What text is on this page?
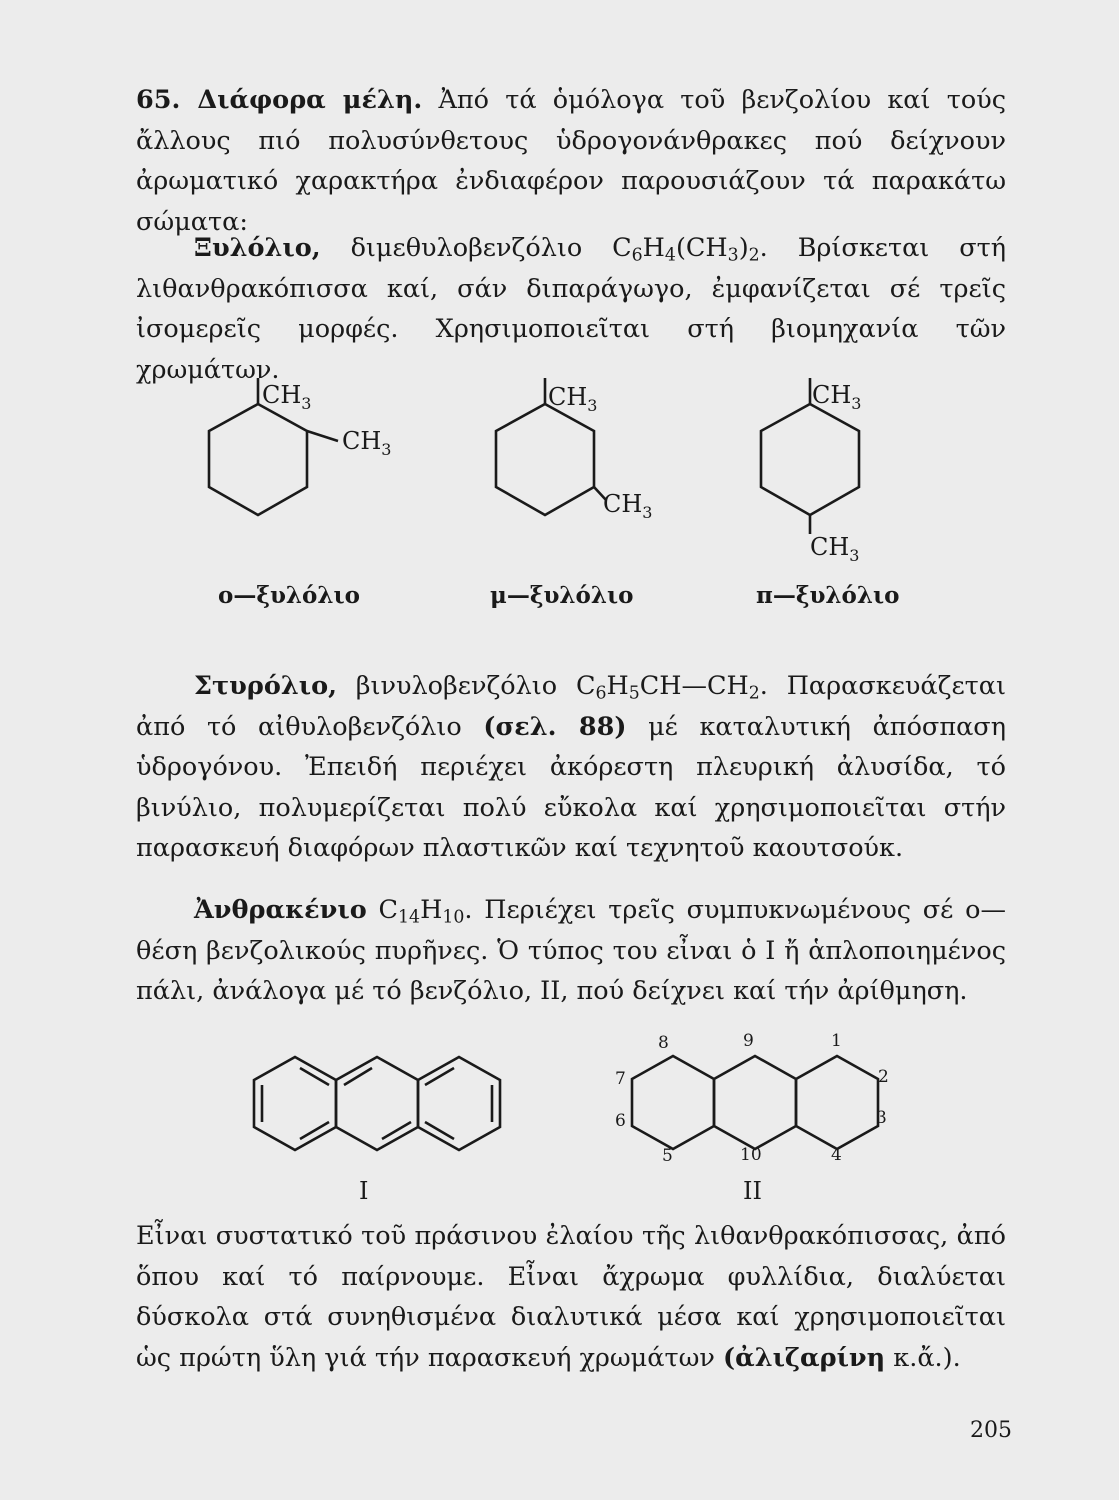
65. Διάφορα μέλη. Ἀπό τά ὁμόλογα τοῦ βενζολίου καί τούς ἄλλους πιό πολυσύνθετους ὑδρογονάνθρακες πού δείχνουν ἀρωματικό χαρακτήρα ἐνδιαφέρον παρουσιάζουν τά παρακάτω σώματα:
Ξυλόλιο, διμεθυλοβενζόλιο $C_6H_4(CH_3)_2$. Βρίσκεται στή λιθανθρακόπισσα καί, σάν διπαράγωγο, ἐμφανίζεται σέ τρεῖς ἰσομερεῖς μορφές. Χρησιμοποιεῖται στή βιομηχανία τῶν χρωμάτων.
$CH_3$
$CH_3$
$CH_3$
$CH_3$
$CH_3$
$CH_3$
ο—ξυλόλιο	μ—ξυλόλιο	π—ξυλόλιο
Στυρόλιο, βινυλοβενζόλιο $C_6H_5CH—CH_2$. Παρασκευάζεται ἀπό τό αἰθυλοβενζόλιο (σελ. 88) μέ καταλυτική ἀπόσπαση ὑδρογόνου. Ἐπειδή περιέχει ἀκόρεστη πλευρική ἀλυσίδα, τό βινύλιο, πολυμερίζεται πολύ εὔκολα καί χρησιμοποιεῖται στήν παρασκευή διαφόρων πλαστικῶν καί τεχνητοῦ καουτσούκ.
Ἀνθρακένιο $C_{14}H_{10}$. Περιέχει τρεῖς συμπυκνωμένους σέ ο—θέση βενζολικούς πυρῆνες. Ὁ τύπος του εἶναι ὁ I ἤ ἁπλοποιημένος πάλι, ἀνάλογα μέ τό βενζόλιο, II, πού δείχνει καί τήν ἀρίθμηση.
8	9	1
2
3
4
10
5
6
7
I	II
Εἶναι συστατικό τοῦ πράσινου ἐλαίου τῆς λιθανθρακόπισσας, ἀπό ὅπου καί τό παίρνουμε. Εἶναι ἄχρωμα φυλλίδια, διαλύεται δύσκολα στά συνηθισμένα διαλυτικά μέσα καί χρησιμοποιεῖται ὡς πρώτη ὕλη γιά τήν παρασκευή χρωμάτων (ἀλιζαρίνη κ.ἄ.).
205
